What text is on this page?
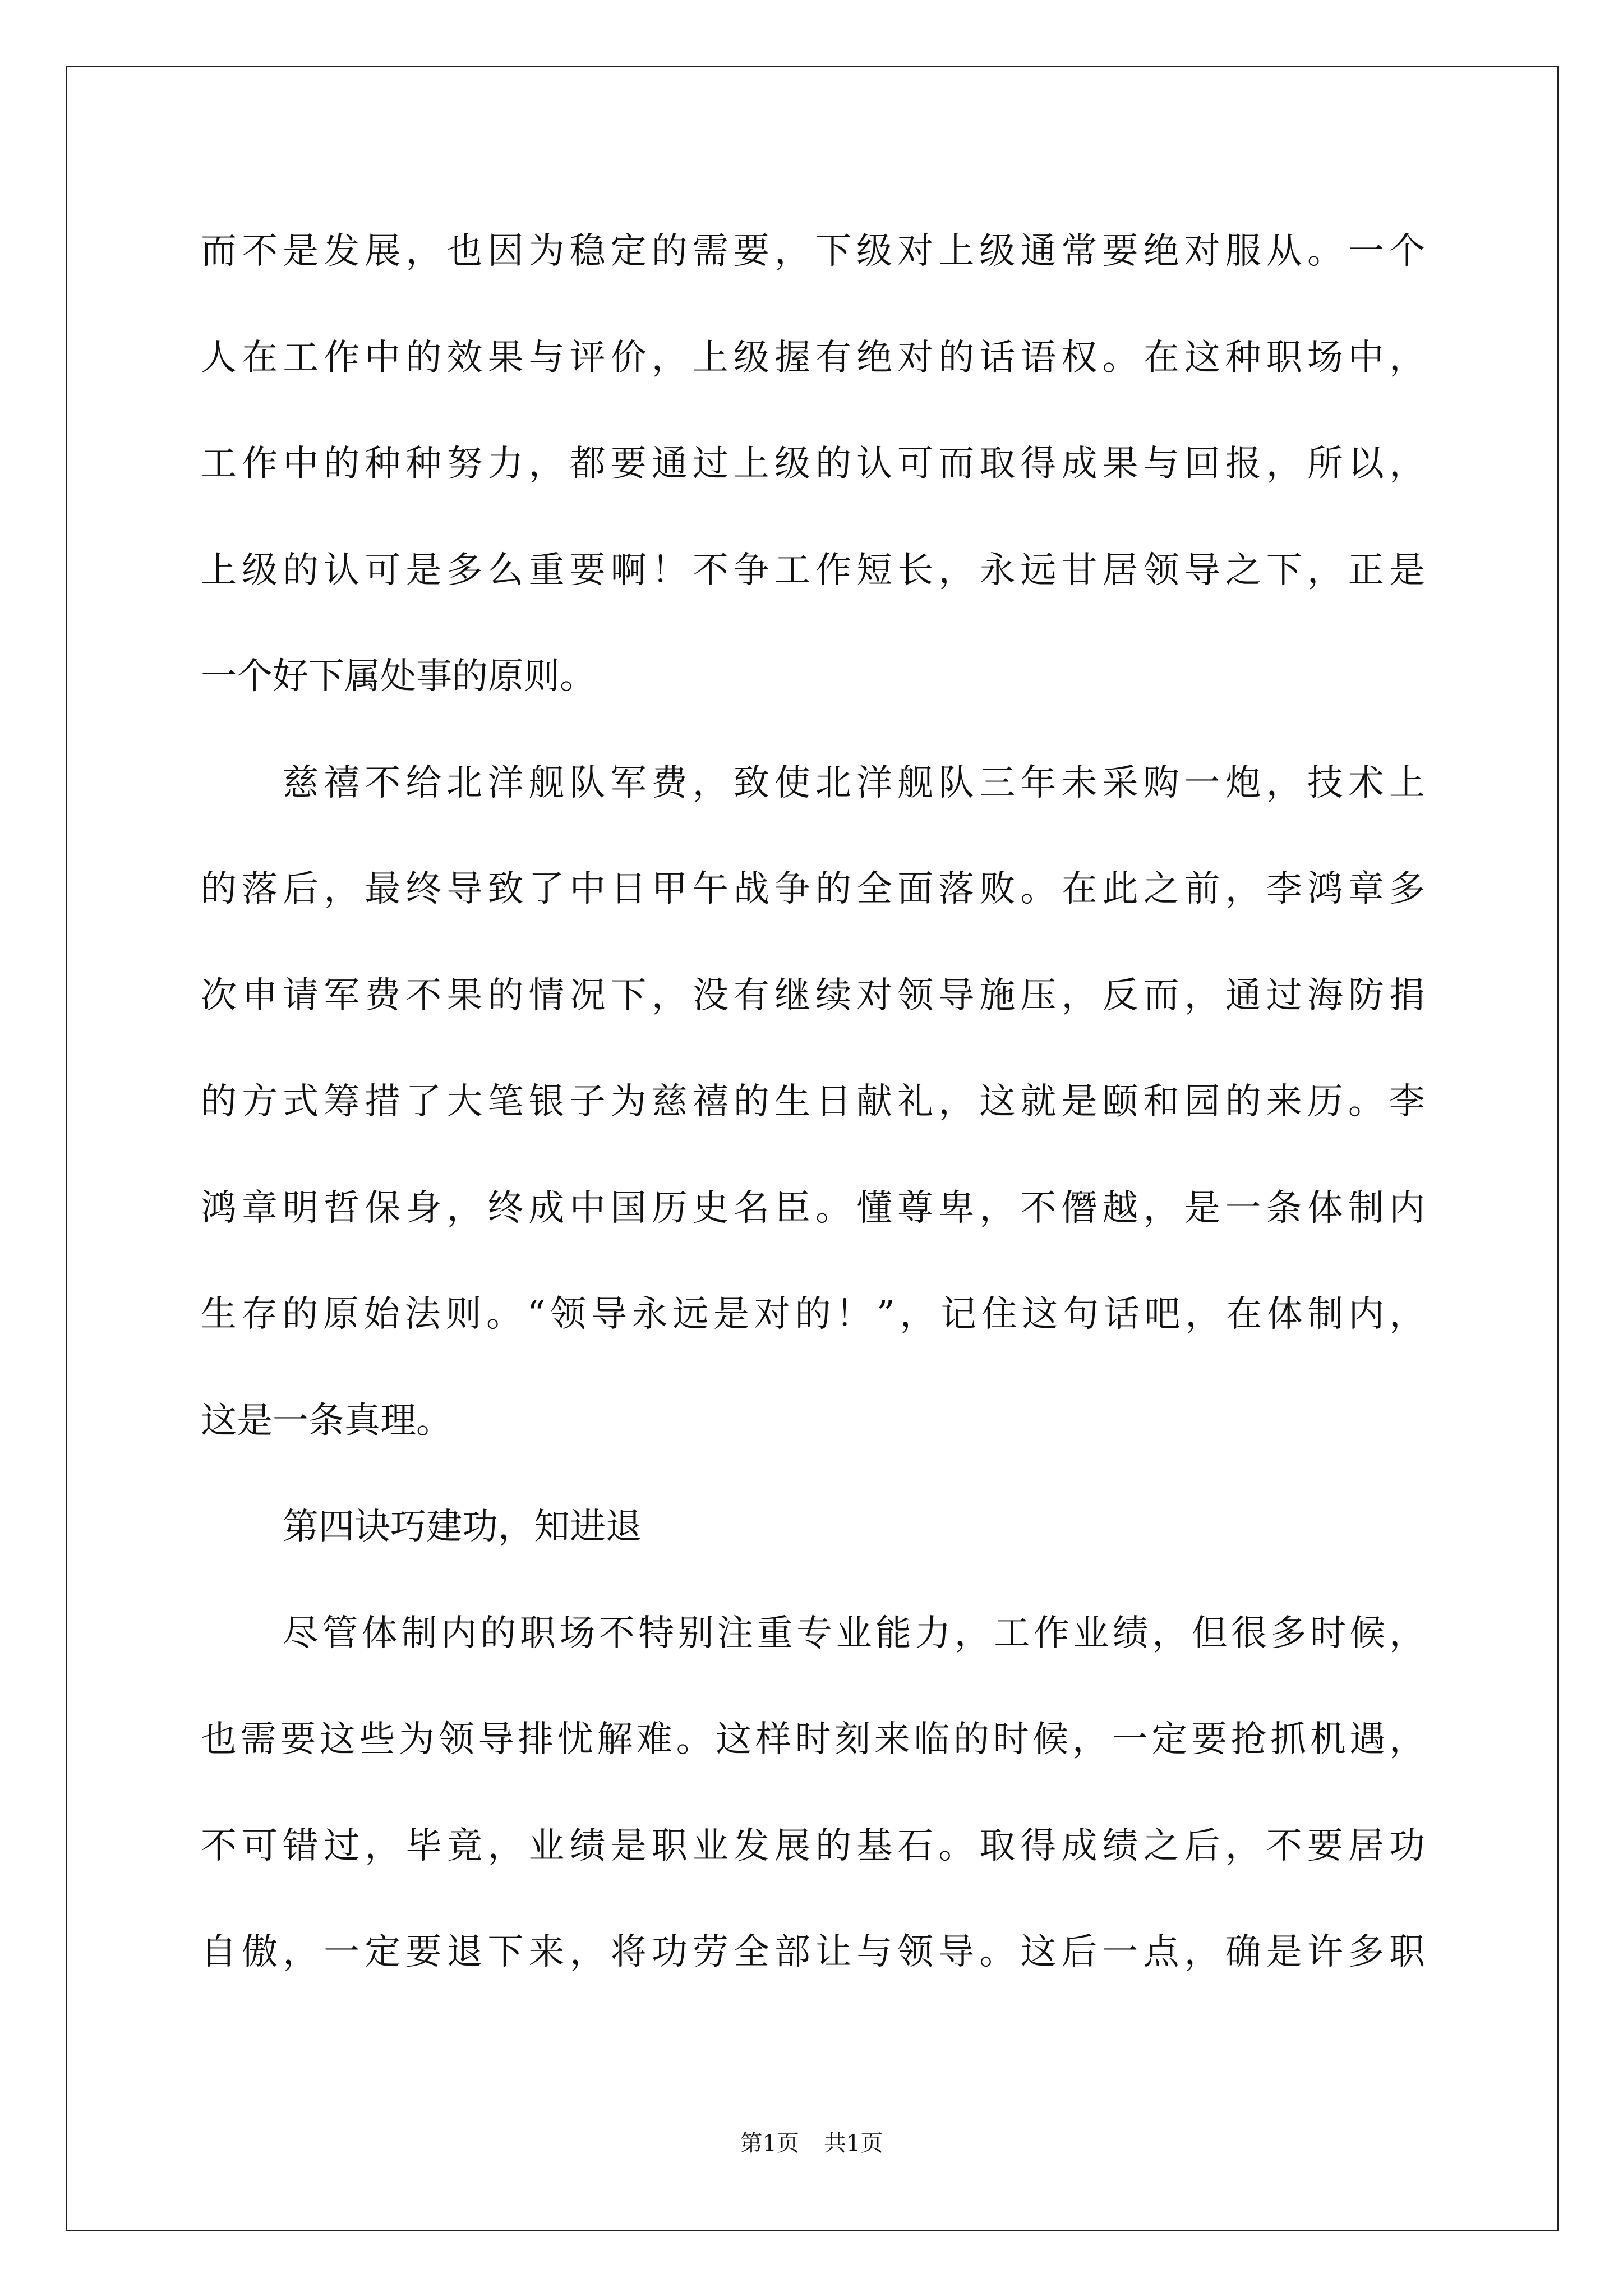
而不是发展，也因为稳定的需要，下级对上级通常要绝对服从。一个
人在工作中的效果与评价，上级握有绝对的话语权。在这种职场中，
工作中的种种努力，都要通过上级的认可而取得成果与回报，所以，
上级的认可是多么重要啊！不争工作短长，永远甘居领导之下，正是
一个好下属处事的原则。
慈禧不给北洋舰队军费，致使北洋舰队三年未采购一炮，技术上
的落后，最终导致了中日甲午战争的全面落败。在此之前，李鸿章多
次申请军费不果的情况下，没有继续对领导施压，反而，通过海防捐
的方式筹措了大笔银子为慈禧的生日献礼，这就是颐和园的来历。李
鸿章明哲保身，终成中国历史名臣。懂尊卑，不僭越，是一条体制内
生存的原始法则。“领导永远是对的！”，记住这句话吧，在体制内，
这是一条真理。
第四诀巧建功，知进退
尽管体制内的职场不特别注重专业能力，工作业绩，但很多时候，
也需要这些为领导排忧解难。这样时刻来临的时候，一定要抢抓机遇，
不可错过，毕竟，业绩是职业发展的基石。取得成绩之后，不要居功
自傲，一定要退下来，将功劳全部让与领导。这后一点，确是许多职
第1页 共1页
